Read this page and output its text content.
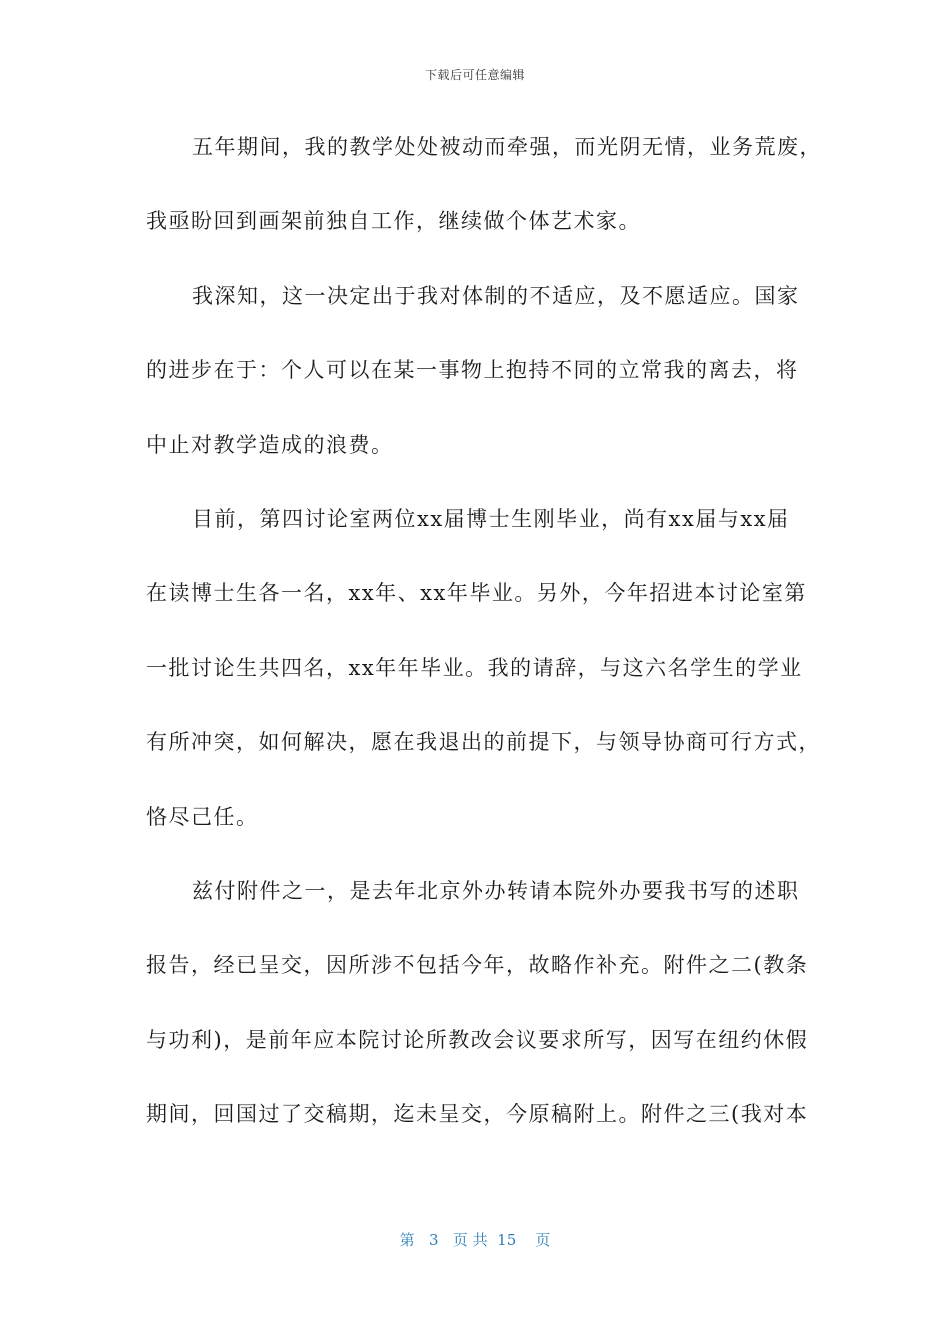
下载后可任意编辑
五年期间，我的教学处处被动而牵强，而光阴无情，业务荒废，
我亟盼回到画架前独自工作，继续做个体艺术家。
我深知，这一决定出于我对体制的不适应，及不愿适应。国家
的进步在于：个人可以在某一事物上抱持不同的立常我的离去，将
中止对教学造成的浪费。
目前，第四讨论室两位xx届博士生刚毕业，尚有xx届与xx届
在读博士生各一名，xx年、xx年毕业。另外，今年招进本讨论室第
一批讨论生共四名，xx年年毕业。我的请辞，与这六名学生的学业
有所冲突，如何解决，愿在我退出的前提下，与领导协商可行方式，
恪尽己任。
兹付附件之一，是去年北京外办转请本院外办要我书写的述职
报告，经已呈交，因所涉不包括今年，故略作补充。附件之二(教条
与功利)，是前年应本院讨论所教改会议要求所写，因写在纽约休假
期间，回国过了交稿期，迄未呈交，今原稿附上。附件之三(我对本
第 3 页 共 15 页
